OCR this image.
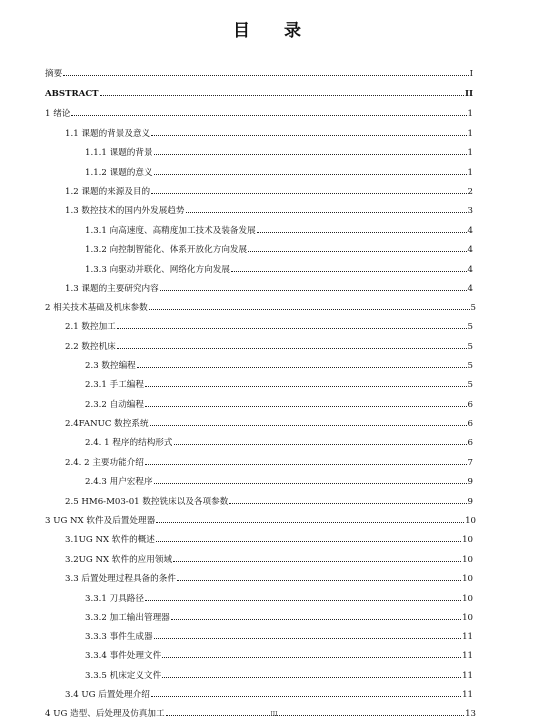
目 录
摘要	I
ABSTRACT	II
1 绪论	1
1.1 课题的背景及意义	1
1.1.1 课题的背景	1
1.1.2 课题的意义	1
1.2 课题的来源及目的	2
1.3 数控技术的国内外发展趋势	3
1.3.1 向高速度、高精度加工技术及装备发展	4
1.3.2 向控制智能化、体系开放化方向发展	4
1.3.3 向驱动并联化、网络化方向发展	4
1.3 课题的主要研究内容	4
2 相关技术基础及机床参数	5
2.1 数控加工	5
2.2 数控机床	5
2.3 数控编程	5
2.3.1 手工编程	5
2.3.2 自动编程	6
2.4FANUC 数控系统	6
2.4. 1 程序的结构形式	6
2.4. 2 主要功能介绍	7
2.4.3 用户宏程序	9
2.5 HM6-M03-01 数控铣床以及各项参数	9
3 UG NX 软件及后置处理器	10
3.1UG NX 软件的概述	10
3.2UG NX 软件的应用领域	10
3.3 后置处理过程具备的条件	10
3.3.1 刀具路径	10
3.3.2 加工输出管理器	10
3.3.3 事件生成器	11
3.3.4 事件处理文件	11
3.3.5 机床定义文件	11
3.4 UG 后置处理介绍	11
4 UG 造型、后处理及仿真加工	13
III
